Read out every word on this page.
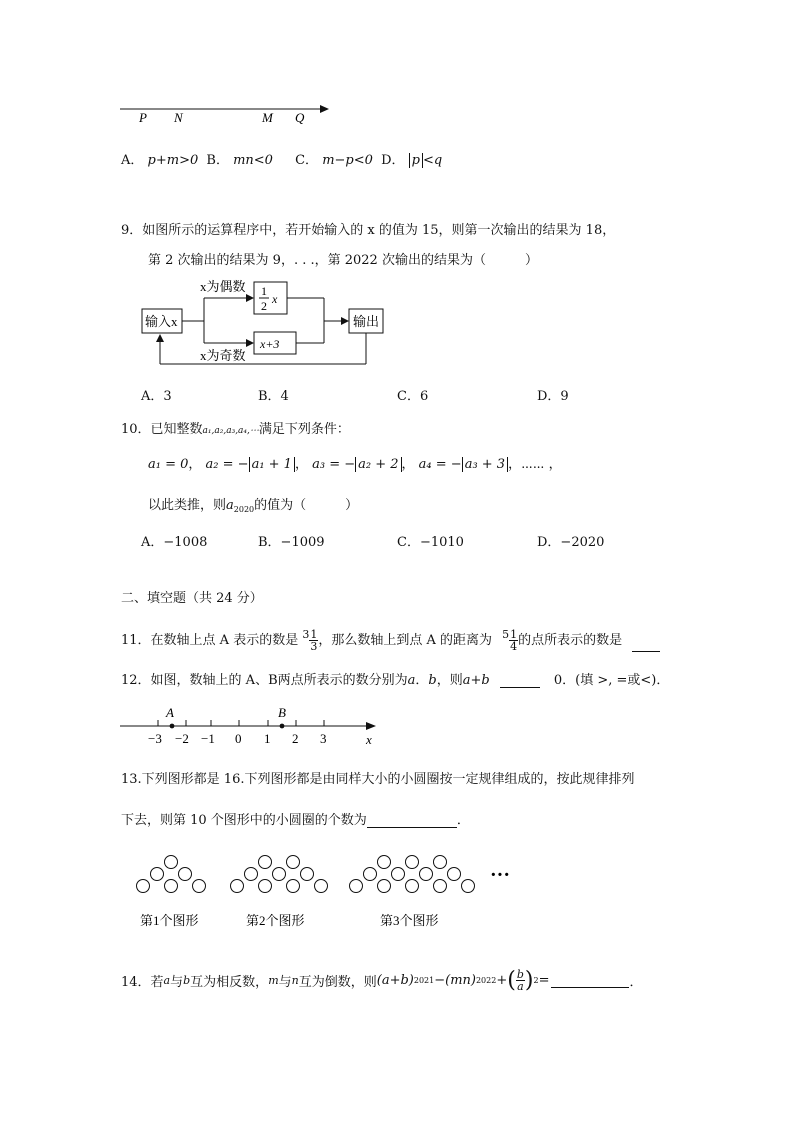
P N	M Q
A． p+m>0 B． mn<0 C． m−p<0 D． p <q
9．如图所示的运算程序中，若开始输入的 x 的值为 15，则第一次输出的结果为 18，
第 2 次输出的结果为 9，. . .，第 2022 次输出的结果为（　　　）
输入x
x为偶数
x为奇数
1
2 x
x+3
输出
A．3	B．4	C．6	D．9
10．已知整数a₁,a₂,a₃,a₄,⋯满足下列条件：
a₁ = 0， a₂ = − a₁ + 1 ， a₃ = − a₂ + 2 ， a₄ = − a₃ + 3 ，⋯⋯ ，
以此类推，则$a_{2020}$的值为（　　　）
A．−1008	B．−1009	C．−1010	D．−2020
二、填空题（共 24 分）
11．在数轴上点 A 表示的数是 $^3 \frac{1}{3}$ ，那么数轴上到点 A 的距离为 $^5 \frac{1}{4}$ 的点所表示的数是
12．如图，数轴上的 A、B两点所表示的数分别为a．b，则a+b	0．(填 >, =或<)．
A	B
−3 −2 −1 0 1 2 3	x
13.下列图形都是 16.下列图形都是由同样大小的小圆圈按一定规律组成的，按此规律排列
下去，则第 10 个图形中的小圆圈的个数为	．
···
第1个图形	第2个图形	第3个图形
14．若 a 与 b 互为相反数， m 与 n 互为倒数，则 (a+b) 2021 − (mn) 2022 + ( $\frac{b}{a}$ ) 2 =	．
